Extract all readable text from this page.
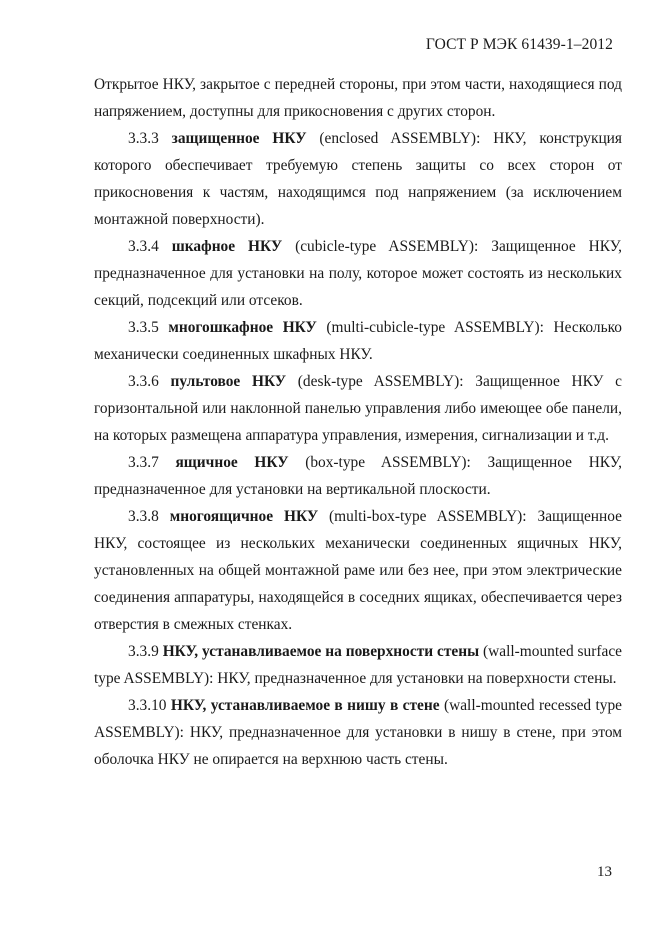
ГОСТ Р МЭК 61439-1–2012

Открытое НКУ, закрытое с передней стороны, при этом части, находящиеся под напряжением, доступны для прикосновения с других сторон.

3.3.3 защищенное НКУ (enclosed ASSEMBLY): НКУ, конструкция которого обеспечивает требуемую степень защиты со всех сторон от прикосновения к частям, находящимся под напряжением (за исключением монтажной поверхности).

3.3.4 шкафное НКУ (cubicle-type ASSEMBLY): Защищенное НКУ, предназначенное для установки на полу, которое может состоять из нескольких секций, подсекций или отсеков.

3.3.5 многошкафное НКУ (multi-cubicle-type ASSEMBLY): Несколько механически соединенных шкафных НКУ.

3.3.6 пультовое НКУ (desk-type ASSEMBLY): Защищенное НКУ с горизонтальной или наклонной панелью управления либо имеющее обе панели, на которых размещена аппаратура управления, измерения, сигнализации и т.д.

3.3.7 ящичное НКУ (box-type ASSEMBLY): Защищенное НКУ, предназначенное для установки на вертикальной плоскости.

3.3.8 многоящичное НКУ (multi-box-type ASSEMBLY): Защищенное НКУ, состоящее из нескольких механически соединенных ящичных НКУ, установленных на общей монтажной раме или без нее, при этом электрические соединения аппаратуры, находящейся в соседних ящиках, обеспечивается через отверстия в смежных стенках.

3.3.9 НКУ, устанавливаемое на поверхности стены (wall-mounted surface type ASSEMBLY): НКУ, предназначенное для установки на поверхности стены.

3.3.10 НКУ, устанавливаемое в нишу в стене (wall-mounted recessed type ASSEMBLY): НКУ, предназначенное для установки в нишу в стене, при этом оболочка НКУ не опирается на верхнюю часть стены.

13
